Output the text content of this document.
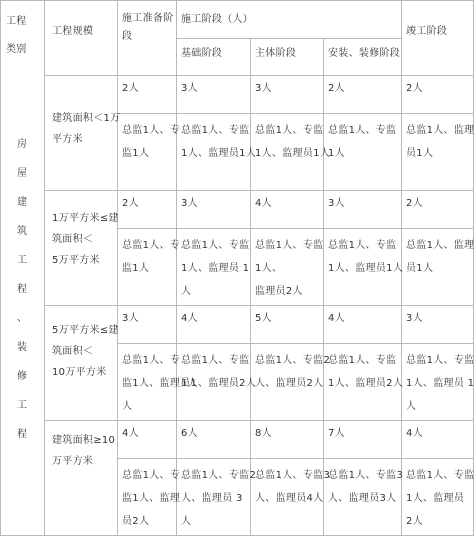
工程
类别
工程规模
施工准备阶
段
施工阶段（人）
基础阶段	主体阶段	安装、装修阶段
竣工阶段
房
屋
建
筑
工
程
、
装
修
工
程
建筑面积＜1万
平方米
2人
总监1人、专
监1人
3人
总监1人、专监
1人、监理员1人
3人
总监1人、专监
1人、监理员1人
2人
总监1人、专监
1人
2人
总监1人、监理
员1人
1万平方米≤建
筑面积＜
5万平方米
2人
总监1人、专
监1人
3人
总监1人、专监
1人、监理员 1
人
4人
总监1人、专监
1人、
监理员2人
3人
总监1人、专监
1人、监理员1人
2人
总监1人、监理
员1人
5万平方米≤建
筑面积＜
10万平方米
3人
总监1人、专
监1人、监理员1
人
4人
总监1人、专监
1人、监理员2人
5人
总监1人、专监2
人、监理员2人
4人
总监1人、专监
1人、监理员2人
3人
总监1人、专监
1人、监理员 1
人
建筑面积≥10
万平方米
4人
总监1人、专
监1人、监理
员2人
6人
总监1人、专监2
人、监理员 3
人
8人
总监1人、专监3
人、监理员4人
7人
总监1人、专监3
人、监理员3人
4人
总监1人、专监
1人、监理员
2人
